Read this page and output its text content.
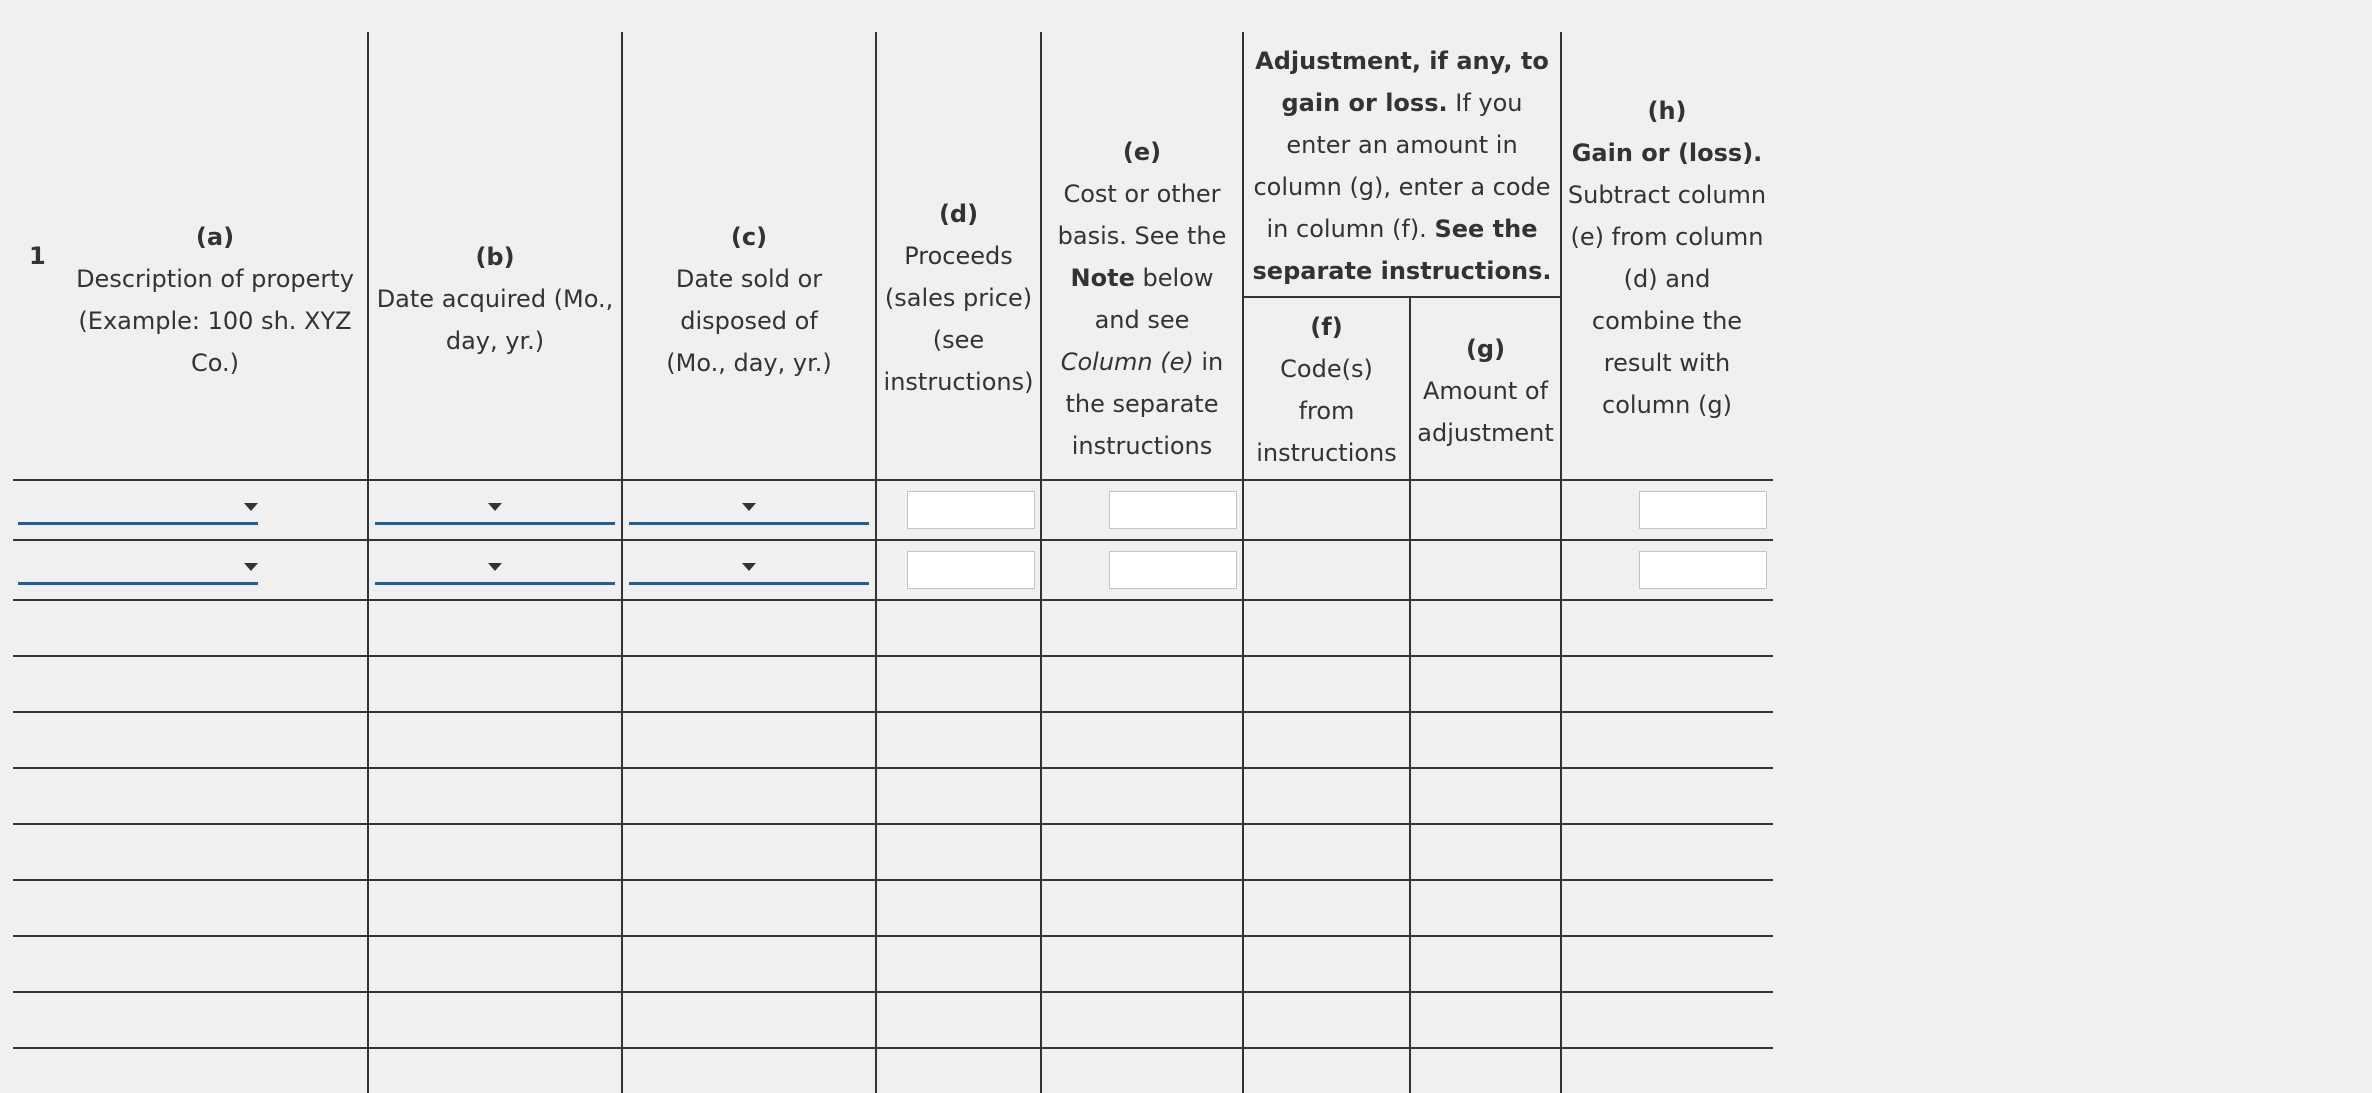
1
(a)
Description of property
(Example: 100 sh. XYZ
Co.)
(b)
Date acquired (Mo.,
day, yr.)
(c)
Date sold or
disposed of
(Mo., day, yr.)
(d)
Proceeds
(sales price)
(see
instructions)
(e)
Cost or other
basis. See the
Note below
and see
Column (e) in
the separate
instructions
Adjustment, if any, to
gain or loss. If you
enter an amount in
column (g), enter a code
in column (f). See the
separate instructions.
(f)
Code(s)
from
instructions
(g)
Amount of
adjustment
(h)
Gain or (loss).
Subtract column
(e) from column
(d) and
combine the
result with
column (g)
